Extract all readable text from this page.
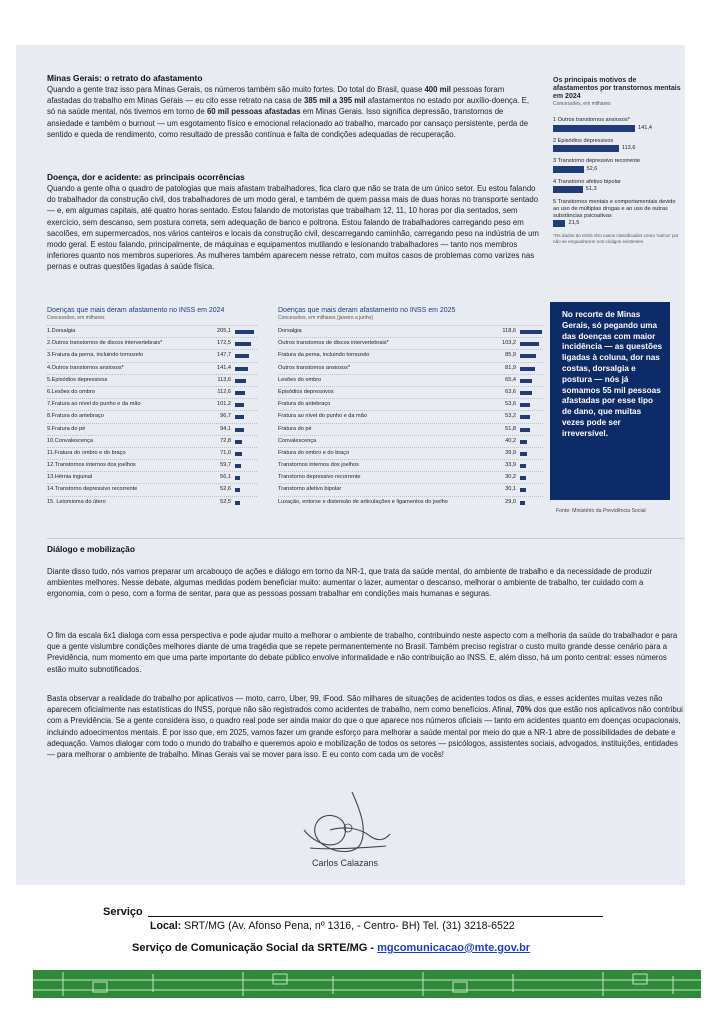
Minas Gerais: o retrato do afastamento
Quando a gente traz isso para Minas Gerais, os números também são muito fortes. Do total do Brasil, quase 400 mil pessoas foram afastadas do trabalho em Minas Gerais — eu cito esse retrato na casa de 385 mil a 395 mil afastamentos no estado por auxílio-doença. E, só na saúde mental, nós tivemos em torno de 60 mil pessoas afastadas em Minas Gerais. Isso significa depressão, transtornos de ansiedade e também o burnout — um esgotamento físico e emocional relacionado ao trabalho, marcado por cansaço persistente, perda de sentido e queda de rendimento, como resultado de pressão contínua e falta de condições adequadas de recuperação.
Doença, dor e acidente: as principais ocorrências
Quando a gente olha o quadro de patologias que mais afastam trabalhadores, fica claro que não se trata de um único setor. Eu estou falando do trabalhador da construção civil, dos trabalhadores de um modo geral, e também de quem passa mais de duas horas no transporte sentado — e, em algumas capitais, até quatro horas sentado. Estou falando de motoristas que trabalham 12, 11, 10 horas por dia sentados, sem exercício, sem descanso, sem postura correta, sem adequação de banco e poltrona. Estou falando de trabalhadores carregando peso em sacolões, em supermercados, nos vários canteiros e locais da construção civil, descarregando caminhão, carregando peso na indústria de um modo geral. E estou falando, principalmente, de máquinas e equipamentos mutilando e lesionando trabalhadores — tanto nos membros inferiores quanto nos membros superiores. As mulheres também aparecem nesse retrato, com muitos casos de problemas como varizes nas pernas e outras questões ligadas à saúde física.
Doenças que mais deram afastamento no INSS em 2024
Concessões, em milhares
1.Dorsalgia	205,1
2.Outros transtornos de discos intervertebrais*	172,5
3.Fratura da perna, incluindo tornozelo	147,7
4.Outros transtornos ansiosos*	141,4
5.Episódios depressivos	113,6
6.Lesões do ombro	112,6
7.Fratura ao nível do punho e da mão	101,2
8.Fratura do antebraço	96,7
9.Fratura do pé	94,1
10.Convalescença	72,8
11.Fratura do ombro e do braço	71,0
12.Transtornos internos dos joelhos	59,7
13.Hérnia inguinal	56,1
14.Transtorno depressivo recorrente	52,6
15. Leiomioma do útero	52,5
Doenças que mais deram afastamento no INSS em 2025
Concessões, em milhares (janeiro a junho)
Dorsalgia	118,6
Outros transtornos de discos intervertebrais*	103,2
Fratura da perna, incluindo tornozelo	85,9
Outros transtornos ansiosos*	81,9
Lesões do ombro	65,4
Episódios depressivos	63,6
Fratura do antebraço	53,6
Fratura ao nível do punho e da mão	53,2
Fratura do pé	51,8
Convalescença	40,2
Fratura do ombro e do braço	39,9
Transtornos internos dos joelhos	33,9
Transtorno depressivo recorrente	30,2
Transtorno afetivo bipolar	30,1
Luxação, entorse e distensão de articulações e ligamentos do joelho	29,0
Os principais motivos de afastamentos por transtornos mentais em 2024
Concessões, em milhares
1 Outros transtornos ansiosos*
141,4
2 Episódios depressivos
113,6
3 Transtorno depressivo recorrente
52,6
4 Transtorno afetivo bipolar
51,3
5 Transtornos mentais e comportamentais devido ao uso de múltiplas drogas e ao uso de outras substâncias psicoativas
21,5
*Os dados do INSS têm casos classificados como 'outros' por não se enquadrarem nos códigos existentes
No recorte de Minas Gerais, só pegando uma das doenças com maior incidência — as questões ligadas à coluna, dor nas costas, dorsalgia e postura — nós já somamos 55 mil pessoas afastadas por esse tipo de dano, que muitas vezes pode ser irreversível.
Fonte: Ministério da Previdência Social
Diálogo e mobilização
Diante disso tudo, nós vamos preparar um arcabouço de ações e diálogo em torno da NR-1, que trata da saúde mental, do ambiente de trabalho e da necessidade de produzir ambientes melhores. Nesse debate, algumas medidas podem beneficiar muito: aumentar o lazer, aumentar o descanso, melhorar o ambiente de trabalho, ter cuidado com a ergonomia, com o peso, com a forma de sentar, para que as pessoas possam trabalhar em condições mais humanas e seguras.
O fim da escala 6x1 dialoga com essa perspectiva e pode ajudar muito a melhorar o ambiente de trabalho, contribuindo neste aspecto com a melhoria da saúde do trabalhador e para que a gente vislumbre condições melhores diante de uma tragédia que se repete permanentemente no Brasil. Também preciso registrar o custo muito grande desse cenário para a Previdência, num momento em que uma parte importante do debate público envolve informalidade e não contribuição ao INSS. E, além disso, há um ponto central: esses números estão muito subnotificados.
Basta observar a realidade do trabalho por aplicativos — moto, carro, Uber, 99, iFood. São milhares de situações de acidentes todos os dias, e esses acidentes muitas vezes não aparecem oficialmente nas estatísticas do INSS, porque não são registrados como acidentes de trabalho, nem como benefícios. Afinal, 70% dos que estão nos aplicativos não contribui com a Previdência. Se a gente considera isso, o quadro real pode ser ainda maior do que o que aparece nos números oficiais — tanto em acidentes quanto em doenças ocupacionais, incluindo adoecimentos mentais. É por isso que, em 2025, vamos fazer um grande esforço para melhorar a saúde mental por meio do que a NR-1 abre de possibilidades de debate e adequação. Vamos dialogar com todo o mundo do trabalho e queremos apoio e mobilização de todos os setores — psicólogos, assistentes sociais, advogados, instituições, entidades — para melhorar o ambiente de trabalho. Minas Gerais vai se mover para isso. E eu conto com cada um de vocês!
Carlos Calazans
Serviço
Local: SRT/MG (Av. Afonso Pena, nº 1316, - Centro- BH) Tel. (31) 3218-6522
Serviço de Comunicação Social da SRTE/MG - mgcomunicacao@mte.gov.br
